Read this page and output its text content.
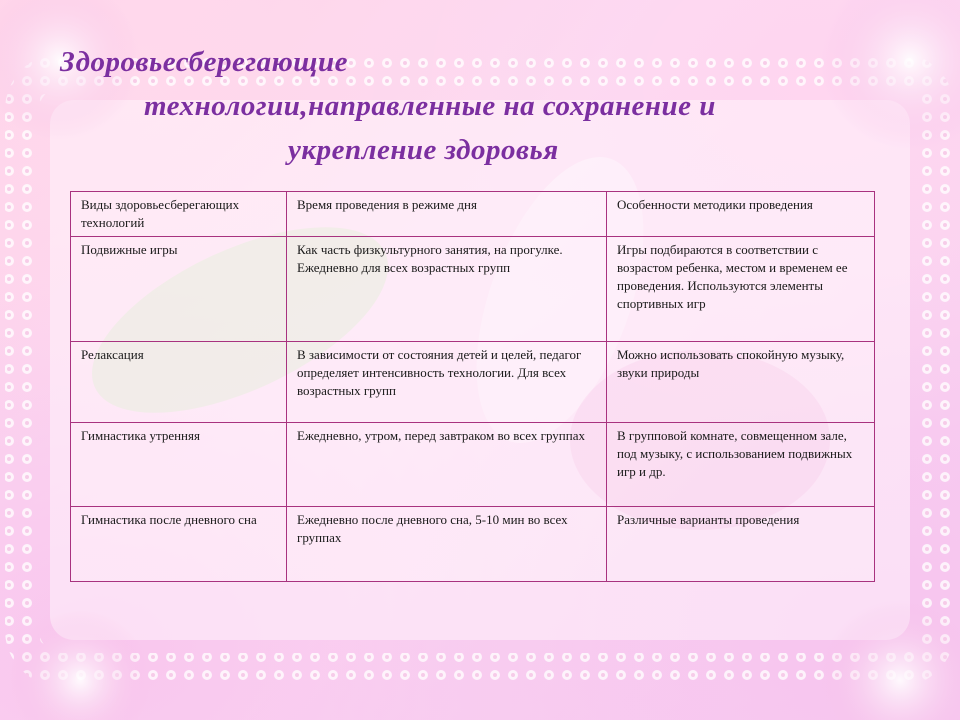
Здоровьесберегающие
технологии,направленные на сохранение и
укрепление здоровья
Виды здоровьесберегающих технологий	Время проведения в режиме дня	Особенности методики проведения
Подвижные игры	Как часть физкультурного занятия, на прогулке. Ежедневно для всех возрастных групп	Игры подбираются в соответствии с возрастом ребенка, местом и временем ее проведения. Используются элементы спортивных игр
Релаксация	В зависимости от состояния детей и целей, педагог определяет интенсивность технологии. Для всех возрастных групп	Можно использовать спокойную музыку, звуки природы
Гимнастика утренняя	Ежедневно, утром, перед завтраком во всех группах	В групповой комнате, совмещенном зале, под музыку, с использованием подвижных игр и др.
Гимнастика после дневного сна	Ежедневно после дневного сна, 5-10 мин во всех группах	Различные варианты проведения
